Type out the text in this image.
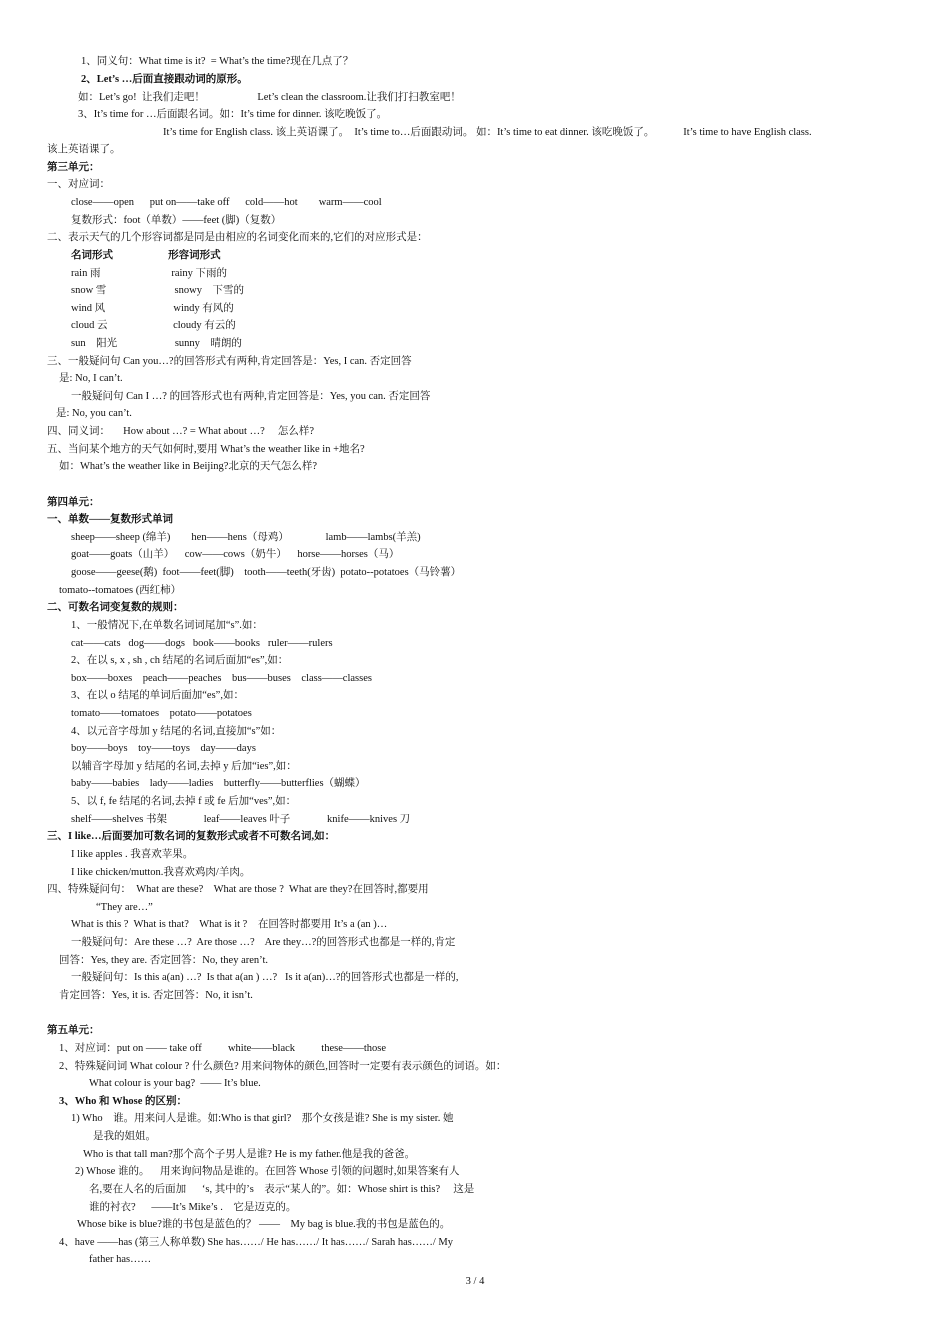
1、同义句：What time is it?  = What’s the time?现在几点了？
2、Let’s …后面直接跟动词的原形。
如：Let’s go!  让我们走吧！                    Let’s clean the classroom.让我们打扫教室吧！
3、It’s time for …后面跟名词。如：It’s time for dinner. 该吃晚饭了。
It’s time for English class. 该上英语课了。  It’s time to…后面跟动词。 如：It’s time to eat dinner. 该吃晚饭了。           It’s time to have English class.
该上英语课了。
第三单元：
一、对应词：
close——open      put on——take off      cold——hot        warm——cool
复数形式：foot（单数）——feet (脚)（复数）
二、表示天气的几个形容词都是同是由相应的名词变化而来的,它们的对应形式是：
名词形式                     形容词形式
rain 雨                           rainy 下雨的
snow 雪                          snowy    下雪的
wind 风                          windy 有风的
cloud 云                         cloudy 有云的
sun    阳光                      sunny    晴朗的
三、一般疑问句 Can you…?的回答形式有两种,肯定回答是：Yes, I can. 否定回答
是: No, I can’t.
一般疑问句 Can I …? 的回答形式也有两种,肯定回答是：Yes, you can. 否定回答
是: No, you can’t.
四、同义词：     How about …? = What about …?     怎么样?
五、当问某个地方的天气如何时,要用 What’s the weather like in +地名?
如：What’s the weather like in Beijing?北京的天气怎么样?
第四单元：
一、单数——复数形式单词
sheep——sheep (绵羊)        hen——hens（母鸡）              lamb——lambs(羊羔)
goat——goats（山羊）    cow——cows（奶牛）    horse——horses（马）
goose——geese(鹅)  foot——feet(脚)    tooth——teeth(牙齿)  potato--potatoes（马铃薯）
tomato--tomatoes (西红柿）
二、可数名词变复数的规则：
1、一般情况下,在单数名词词尾加“s”.如：
cat——cats   dog——dogs   book——books   ruler——rulers
2、在以 s, x , sh , ch 结尾的名词后面加“es”,如：
box——boxes    peach——peaches    bus——buses    class——classes
3、在以 o 结尾的单词后面加“es”,如：
tomato——tomatoes    potato——potatoes
4、以元音字母加 y 结尾的名词,直接加“s”如：
boy——boys    toy——toys    day——days
以辅音字母加 y 结尾的名词,去掉 y 后加“ies”,如：
baby——babies    lady——ladies    butterfly——butterflies（蝴蝶）
5、以 f, fe 结尾的名词,去掉 f 或 fe 后加“ves”,如：
shelf——shelves 书架              leaf——leaves 叶子              knife——knives 刀
三、I like…后面要加可数名词的复数形式或者不可数名词,如：
I like apples . 我喜欢苹果。
I like chicken/mutton.我喜欢鸡肉/羊肉。
四、特殊疑问句：  What are these?    What are those ?  What are they?在回答时,都要用
“They are…”
What is this ?  What is that?    What is it ?    在回答时都要用 It’s a (an )…
一般疑问句：Are these …?  Are those …?    Are they…?的回答形式也都是一样的,肯定
回答：Yes, they are. 否定回答：No, they aren’t.
一般疑问句：Is this a(an) …?  Is that a(an ) …?   Is it a(an)…?的回答形式也都是一样的,
肯定回答：Yes, it is. 否定回答：No, it isn’t.
第五单元：
1、对应词：put on —— take off          white——black          these——those
2、特殊疑问词 What colour ? 什么颜色? 用来问物体的颜色,回答时一定要有表示颜色的词语。如：
What colour is your bag?  —— It’s blue.
3、Who 和 Whose 的区别：
1) Who    谁。用来问人是谁。如:Who is that girl?    那个女孩是谁? She is my sister. 她
是我的姐姐。
Who is that tall man?那个高个子男人是谁? He is my father.他是我的爸爸。
2) Whose 谁的。    用来询问物品是谁的。在回答 Whose 引领的问题时,如果答案有人
名,要在人名的后面加      ‘s, 其中的’s    表示“某人的”。如：Whose shirt is this?     这是
谁的衬衣?      ——It’s Mike’s .    它是迈克的。
Whose bike is blue?谁的书包是蓝色的？ ——    My bag is blue.我的书包是蓝色的。
4、have ——has (第三人称单数) She has……/ He has……/ It has……/ Sarah has……/ My
father has……
3 / 4
